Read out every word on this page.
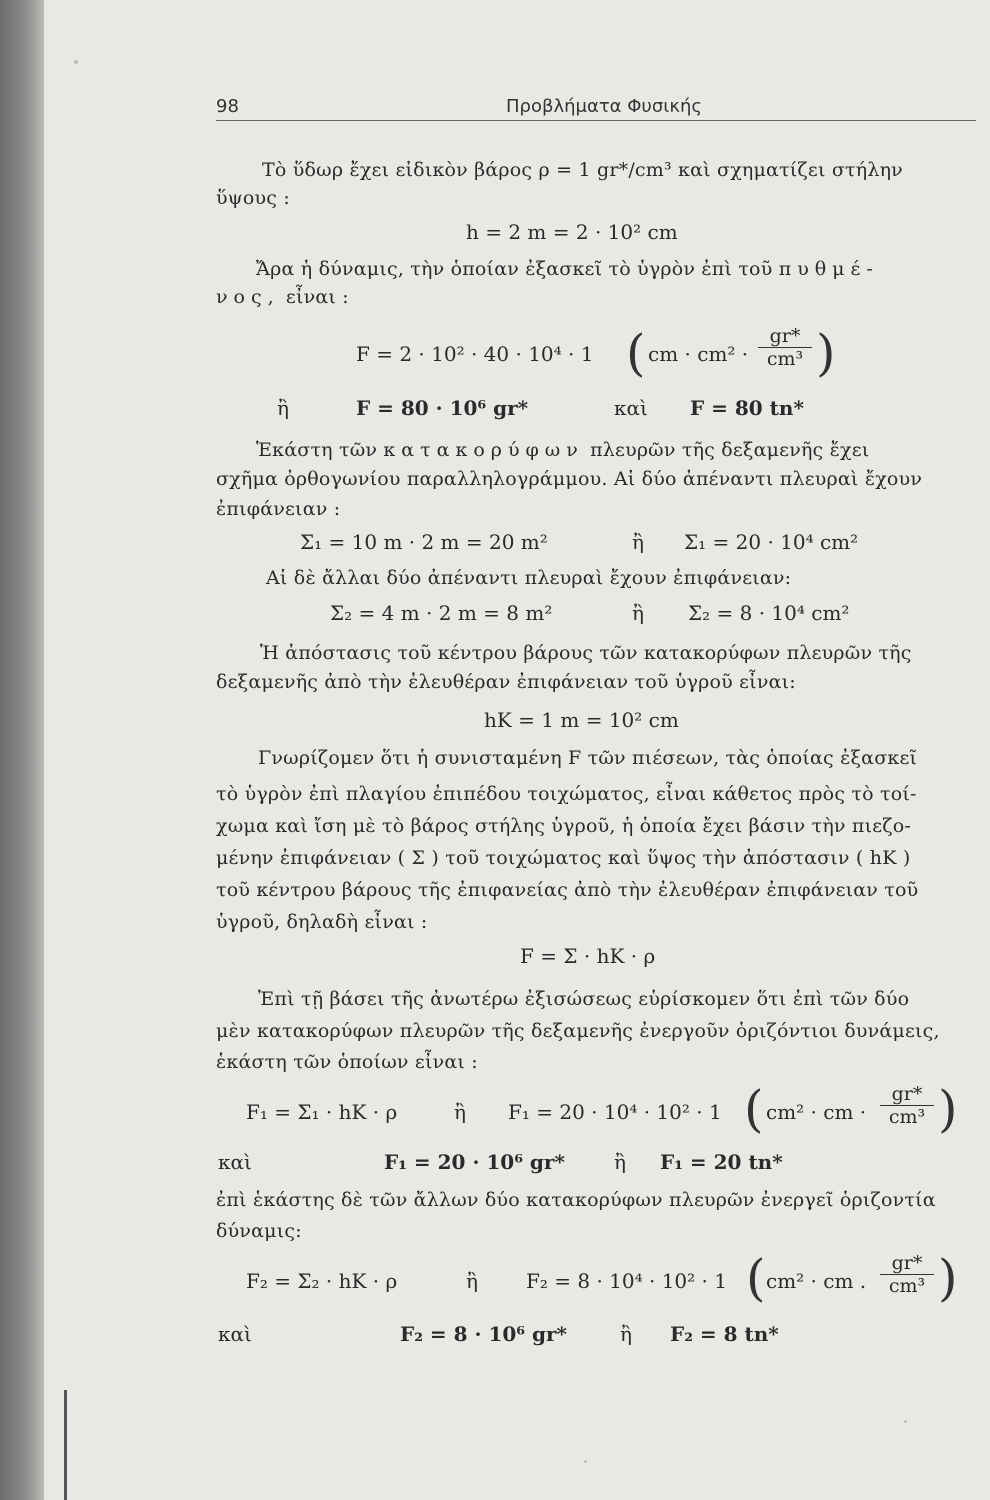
98	Προβλήματα Φυσικής
Τὸ ὕδωρ ἔχει εἰδικὸν βάρος ρ = 1 gr*/cm³ καὶ σχηματίζει στήλην
ὕψους :
h = 2 m = 2 · 10² cm
Ἄρα ἡ δύναμις, τὴν ὁποίαν ἐξασκεῖ τὸ ὑγρὸν ἐπὶ τοῦ πυθμέ-
νος, εἶναι :
F = 2 · 10² · 40 · 10⁴ · 1 ( cm · $cm^2 \cdot \frac{gr*}{\text{cm³}}$ )
ἢ	F = 80 · 10⁶ gr*	καὶ F = 80 tn*
Ἑκάστη τῶν κατακορύφων πλευρῶν τῆς δεξαμενῆς ἔχει
σχῆμα ὀρθογωνίου παραλληλογράμμου. Αἱ δύο ἀπέναντι πλευραὶ ἔχουν
ἐπιφάνειαν :
Σ₁ = 10 m · 2 m = 20 m²	ἢ Σ₁ = 20 · 10⁴ cm²
Αἱ δὲ ἄλλαι δύο ἀπέναντι πλευραὶ ἔχουν ἐπιφάνειαν:
Σ₂ = 4 m · 2 m = 8 m²	ἢ Σ₂ = 8 · 10⁴ cm²
Ἡ ἀπόστασις τοῦ κέντρου βάρους τῶν κατακορύφων πλευρῶν τῆς
δεξαμενῆς ἀπὸ τὴν ἐλευθέραν ἐπιφάνειαν τοῦ ὑγροῦ εἶναι:
hK = 1 m = 10² cm
Γνωρίζομεν ὅτι ἡ συνισταμένη F τῶν πιέσεων, τὰς ὁποίας ἐξασκεῖ
τὸ ὑγρὸν ἐπὶ πλαγίου ἐπιπέδου τοιχώματος, εἶναι κάθετος πρὸς τὸ τοί-
χωμα καὶ ἴση μὲ τὸ βάρος στήλης ὑγροῦ, ἡ ὁποία ἔχει βάσιν τὴν πιεζο-
μένην ἐπιφάνειαν ( Σ ) τοῦ τοιχώματος καὶ ὕψος τὴν ἀπόστασιν ( hK )
τοῦ κέντρου βάρους τῆς ἐπιφανείας ἀπὸ τὴν ἐλευθέραν ἐπιφάνειαν τοῦ
ὑγροῦ, δηλαδὴ εἶναι :
F = Σ · hK · ρ
Ἐπὶ τῇ βάσει τῆς ἀνωτέρω ἐξισώσεως εὑρίσκομεν ὅτι ἐπὶ τῶν δύο
μὲν κατακορύφων πλευρῶν τῆς δεξαμενῆς ἐνεργοῦν ὁριζόντιοι δυνάμεις,
ἑκάστη τῶν ὁποίων εἶναι :
F₁ = Σ₁ · hK · ρ	ἢ F₁ = 20 · 10⁴ · 10² · 1 ( cm² · cm · $\frac{gr*}{\text{cm³}}$ )
καὶ	F₁ = 20 · 10⁶ gr* ἢ F₁ = 20 tn*
ἐπὶ ἑκάστης δὲ τῶν ἄλλων δύο κατακορύφων πλευρῶν ἐνεργεῖ ὁριζοντία
δύναμις:
F₂ = Σ₂ · hK · ρ	ἢ F₂ = 8 · 10⁴ · 10² · 1 ( cm² · cm . $\frac{gr*}{\text{cm³}}$ )
καὶ	F₂ = 8 · 10⁶ gr*	ἢ F₂ = 8 tn*
